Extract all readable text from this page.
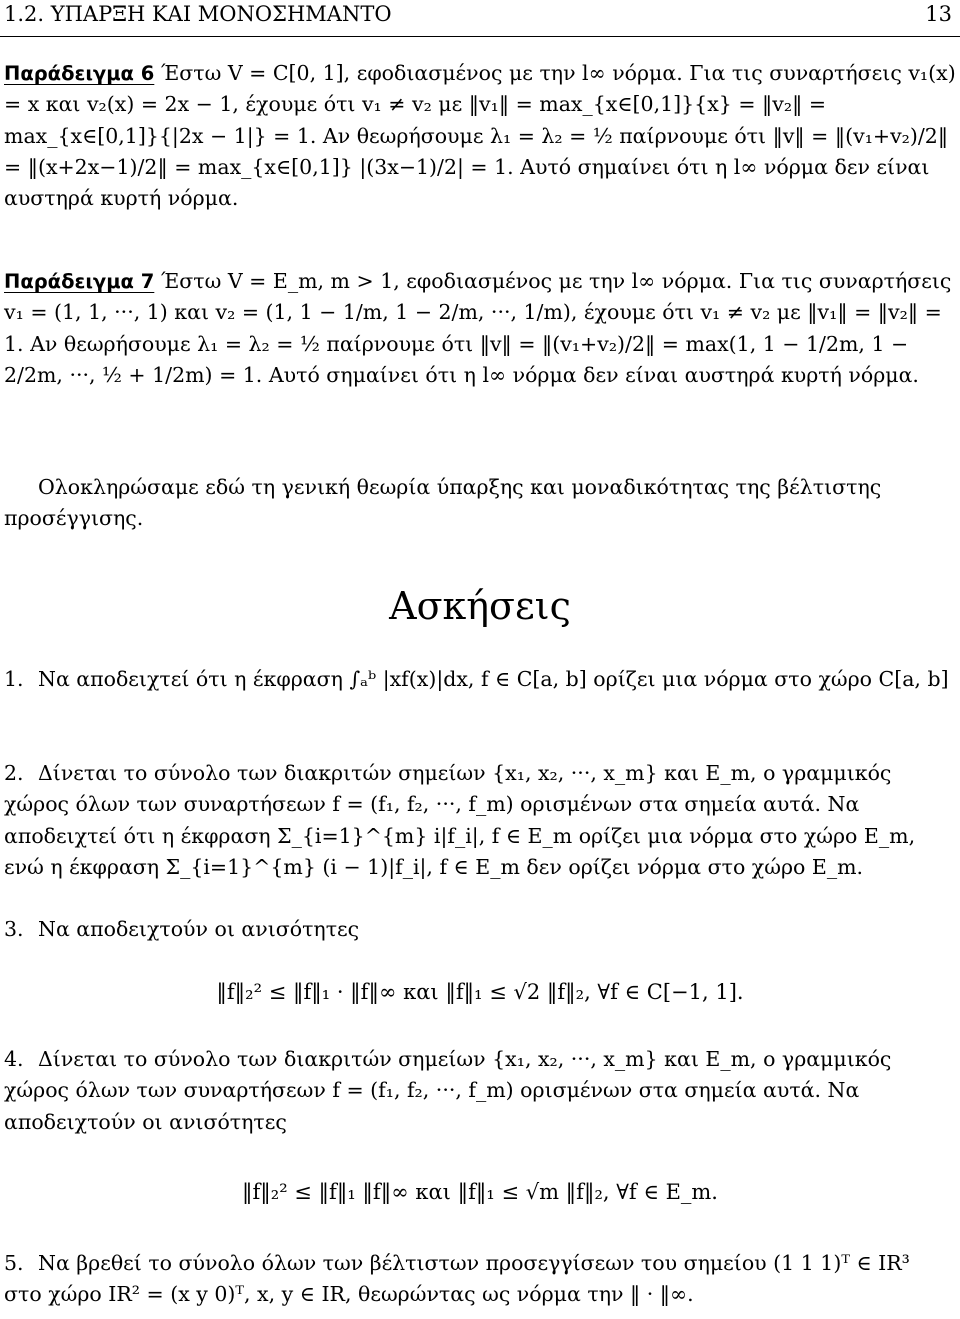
1.2. ΥΠΑΡΞΗ ΚΑΙ ΜΟΝΟΣΗΜΑΝΤΟ	13
Παράδειγμα 6 Έστω V = C[0, 1], εφοδιασμένος με την l∞ νόρμα. Για τις συναρτήσεις v₁(x) = x και v₂(x) = 2x − 1, έχουμε ότι v₁ ≠ v₂ με ‖v₁‖ = max_{x∈[0,1]}{x} = ‖v₂‖ = max_{x∈[0,1]}{|2x − 1|} = 1. Αν θεωρήσουμε λ₁ = λ₂ = ½ παίρνουμε ότι ‖v‖ = ‖(v₁+v₂)/2‖ = ‖(x+2x−1)/2‖ = max_{x∈[0,1]} |(3x−1)/2| = 1. Αυτό σημαίνει ότι η l∞ νόρμα δεν είναι αυστηρά κυρτή νόρμα.
Παράδειγμα 7 Έστω V = E_m, m > 1, εφοδιασμένος με την l∞ νόρμα. Για τις συναρτήσεις v₁ = (1, 1, ···, 1) και v₂ = (1, 1 − 1/m, 1 − 2/m, ···, 1/m), έχουμε ότι v₁ ≠ v₂ με ‖v₁‖ = ‖v₂‖ = 1. Αν θεωρήσουμε λ₁ = λ₂ = ½ παίρνουμε ότι ‖v‖ = ‖(v₁+v₂)/2‖ = max(1, 1 − 1/2m, 1 − 2/2m, ···, ½ + 1/2m) = 1. Αυτό σημαίνει ότι η l∞ νόρμα δεν είναι αυστηρά κυρτή νόρμα.
Ολοκληρώσαμε εδώ τη γενική θεωρία ύπαρξης και μοναδικότητας της βέλτιστης προσέγγισης.
Ασκήσεις
1. Να αποδειχτεί ότι η έκφραση ∫ₐᵇ |xf(x)|dx, f ∈ C[a, b] ορίζει μια νόρμα στο χώρο C[a, b]
2. Δίνεται το σύνολο των διακριτών σημείων {x₁, x₂, ···, x_m} και E_m, ο γραμμικός χώρος όλων των συναρτήσεων f = (f₁, f₂, ···, f_m) ορισμένων στα σημεία αυτά. Να αποδειχτεί ότι η έκφραση Σ_{i=1}^{m} i|f_i|, f ∈ E_m ορίζει μια νόρμα στο χώρο E_m, ενώ η έκφραση Σ_{i=1}^{m} (i − 1)|f_i|, f ∈ E_m δεν ορίζει νόρμα στο χώρο E_m.
3. Να αποδειχτούν οι ανισότητες
‖f‖₂² ≤ ‖f‖₁ · ‖f‖∞ και ‖f‖₁ ≤ √2 ‖f‖₂, ∀f ∈ C[−1, 1].
4. Δίνεται το σύνολο των διακριτών σημείων {x₁, x₂, ···, x_m} και E_m, ο γραμμικός χώρος όλων των συναρτήσεων f = (f₁, f₂, ···, f_m) ορισμένων στα σημεία αυτά. Να αποδειχτούν οι ανισότητες
‖f‖₂² ≤ ‖f‖₁ ‖f‖∞ και ‖f‖₁ ≤ √m ‖f‖₂, ∀f ∈ E_m.
5. Να βρεθεί το σύνολο όλων των βέλτιστων προσεγγίσεων του σημείου (1 1 1)ᵀ ∈ IR³ στο χώρο IR² = (x y 0)ᵀ, x, y ∈ IR, θεωρώντας ως νόρμα την ‖ · ‖∞.
